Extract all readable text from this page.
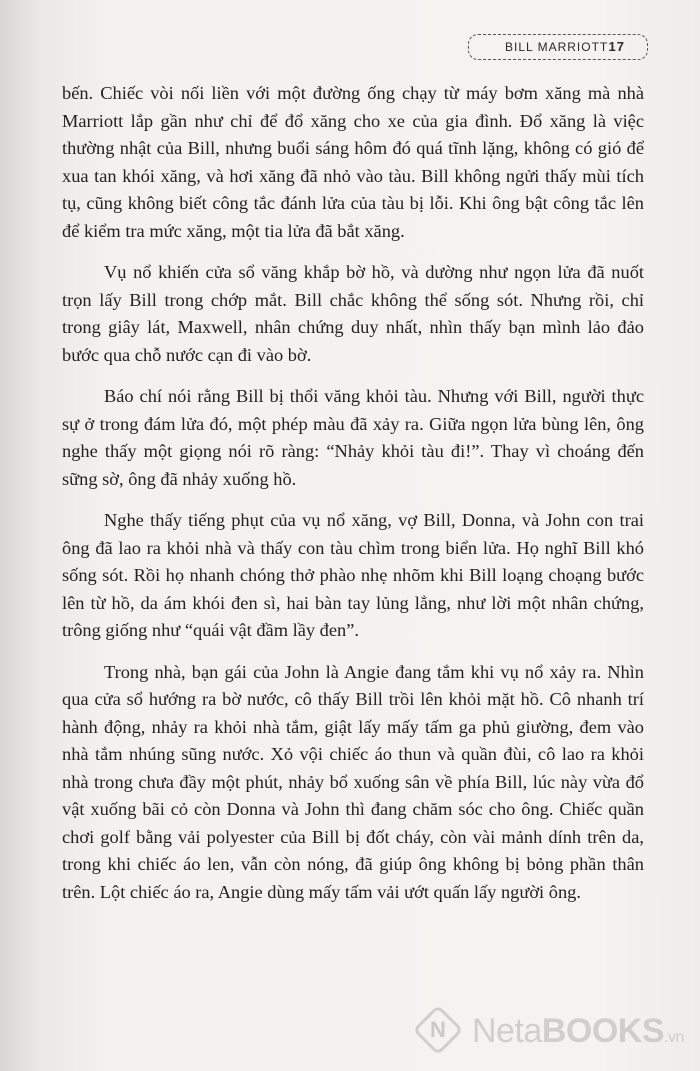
BILL MARRIOTT 17

bến. Chiếc vòi nối liền với một đường ống chạy từ máy bơm xăng mà nhà Marriott lắp gần như chỉ để đổ xăng cho xe của gia đình. Đổ xăng là việc thường nhật của Bill, nhưng buổi sáng hôm đó quá tĩnh lặng, không có gió để xua tan khói xăng, và hơi xăng đã nhỏ vào tàu. Bill không ngửi thấy mùi tích tụ, cũng không biết công tắc đánh lửa của tàu bị lỗi. Khi ông bật công tắc lên để kiểm tra mức xăng, một tia lửa đã bắt xăng.

Vụ nổ khiến cửa sổ văng khắp bờ hồ, và dường như ngọn lửa đã nuốt trọn lấy Bill trong chớp mắt. Bill chắc không thể sống sót. Nhưng rồi, chỉ trong giây lát, Maxwell, nhân chứng duy nhất, nhìn thấy bạn mình lảo đảo bước qua chỗ nước cạn đi vào bờ.

Báo chí nói rằng Bill bị thổi văng khỏi tàu. Nhưng với Bill, người thực sự ở trong đám lửa đó, một phép màu đã xảy ra. Giữa ngọn lửa bùng lên, ông nghe thấy một giọng nói rõ ràng: “Nhảy khỏi tàu đi!”. Thay vì choáng đến sững sờ, ông đã nhảy xuống hồ.

Nghe thấy tiếng phụt của vụ nổ xăng, vợ Bill, Donna, và John con trai ông đã lao ra khỏi nhà và thấy con tàu chìm trong biển lửa. Họ nghĩ Bill khó sống sót. Rồi họ nhanh chóng thở phào nhẹ nhõm khi Bill loạng choạng bước lên từ hồ, da ám khói đen sì, hai bàn tay lủng lẳng, như lời một nhân chứng, trông giống như “quái vật đầm lầy đen”.

Trong nhà, bạn gái của John là Angie đang tắm khi vụ nổ xảy ra. Nhìn qua cửa sổ hướng ra bờ nước, cô thấy Bill trồi lên khỏi mặt hồ. Cô nhanh trí hành động, nhảy ra khỏi nhà tắm, giật lấy mấy tấm ga phủ giường, đem vào nhà tắm nhúng sũng nước. Xỏ vội chiếc áo thun và quần đùi, cô lao ra khỏi nhà trong chưa đầy một phút, nhảy bổ xuống sân về phía Bill, lúc này vừa đổ vật xuống bãi cỏ còn Donna và John thì đang chăm sóc cho ông. Chiếc quần chơi golf bằng vải polyester của Bill bị đốt cháy, còn vài mảnh dính trên da, trong khi chiếc áo len, vẫn còn nóng, đã giúp ông không bị bỏng phần thân trên. Lột chiếc áo ra, Angie dùng mấy tấm vải ướt quấn lấy người ông.

N NetaBOOKS.vn
